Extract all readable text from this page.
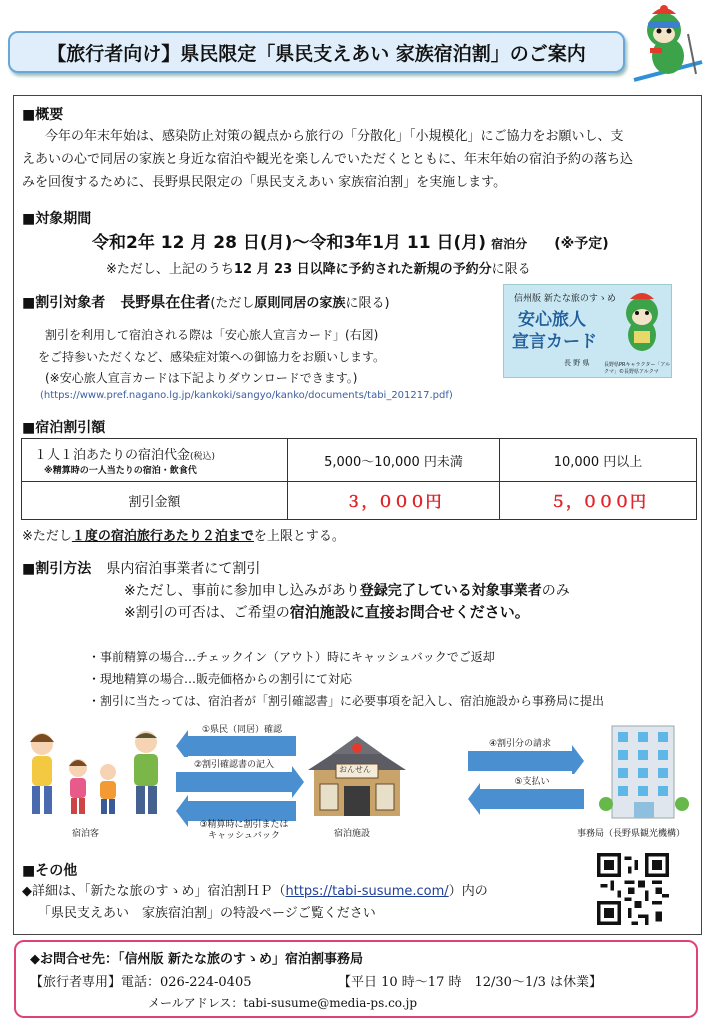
【旅行者向け】県民限定「県民支えあい 家族宿泊割」のご案内
■概要
今年の年末年始は、感染防止対策の観点から旅行の「分散化」「小規模化」にご協力をお願いし、支
えあいの心で同居の家族と身近な宿泊や観光を楽しんでいただくとともに、年末年始の宿泊予約の落ち込
みを回復するために、長野県民限定の「県民支えあい 家族宿泊割」を実施します。
■対象期間
令和2年 12 月 28 日(月)～令和3年1月 11 日(月) 宿泊分 (※予定)
※ただし、上記のうち12 月 23 日以降に予約された新規の予約分に限る
■割引対象者 長野県在住者(ただし原則同居の家族に限る)
割引を利用して宿泊される際は「安心旅人宣言カード」(右図)
をご持参いただくなど、感染症対策への御協力をお願いします。
(※安心旅人宣言カードは下記よりダウンロードできます。)
(https://www.pref.nagano.lg.jp/kankoki/sangyo/kanko/documents/tabi_201217.pdf)
信州版 新たな旅のすゝめ
安心旅人
宣言カード
長 野 県	長野県PRキャラクター「アルクマ」©長野県アルクマ
■宿泊割引額
１人１泊あたりの宿泊代金(税込)
※精算時の一人当たりの宿泊・飲食代	5,000～10,000 円未満	10,000 円以上
割引金額	３，０００円	５，０００円
※ただし１度の宿泊旅行あたり２泊までを上限とする。
■割引方法 県内宿泊事業者にて割引
※ただし、事前に参加申し込みがあり登録完了している対象事業者のみ
※割引の可否は、ご希望の宿泊施設に直接お問合せください。
・事前精算の場合…チェックイン（アウト）時にキャッシュバックでご返却
・現地精算の場合…販売価格からの割引にて対応
・割引に当たっては、宿泊者が「割引確認書」に必要事項を記入し、宿泊施設から事務局に提出
宿泊客
①県民（同居）確認
②割引確認書の記入
③精算時に割引または
キャッシュバック
おんせん
宿泊施設
④割引分の請求
⑤支払い
事務局（長野県観光機構）
■その他
◆詳細は、「新たな旅のすゝめ」宿泊割ＨＰ（https://tabi-susume.com/）内の
「県民支えあい　家族宿泊割」の特設ページご覧ください
◆お問合せ先：「信州版 新たな旅のすゝめ」宿泊割事務局
【旅行者専用】電話：026-224-0405	【平日 10 時～17 時　12/30～1/3 は休業】
メールアドレス：tabi-susume@media-ps.co.jp
